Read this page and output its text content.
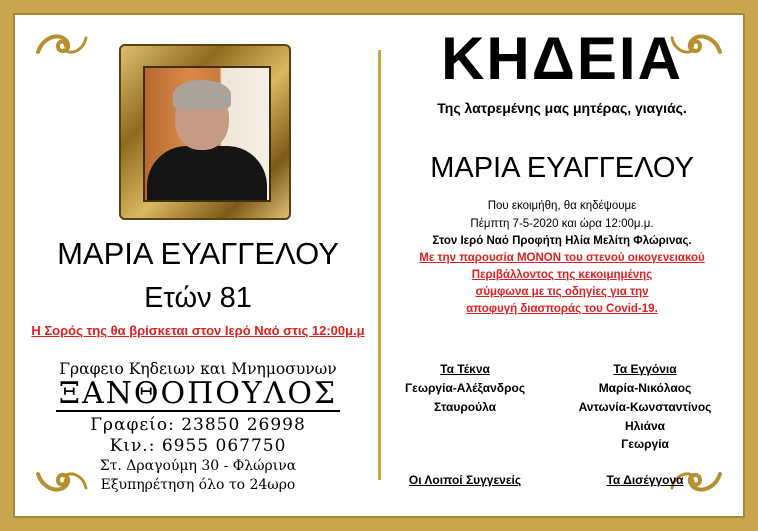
ΜΑΡΙΑ ΕΥΑΓΓΕΛΟΥ
Ετών 81
Η Σορός της θα βρίσκεται στον Ιερό Ναό στις 12:00μ.μ
Γραφειο Κηδειων και Μνημοσυνων
ΞΑΝΘΟΠΟΥΛΟΣ
Γραφείο: 23850 26998
Κιν.: 6955 067750
Στ. Δραγούμη 30 - Φλώρινα
Εξυπηρέτηση όλο το 24ωρο
ΚΗΔΕΙΑ
Της λατρεμένης μας μητέρας, γιαγιάς.
ΜΑΡΙΑ ΕΥΑΓΓΕΛΟΥ
Που εκοιμήθη, θα κηδέψουμε
Πέμπτη 7-5-2020 και ώρα 12:00μ.μ.
Στον Ιερό Ναό Προφήτη Ηλία Μελίτη Φλώρινας.
Με την παρουσία ΜΟΝΟΝ του στενού οικογενειακού
Περιβάλλοντος της κεκοιμημένης
σύμφωνα με τις οδηγίες για την
αποφυγή διασποράς του Covid-19.
Τα Τέκνα
Γεωργία-Αλέξανδρος
Σταυρούλα
Τα Εγγόνια
Μαρία-Νικόλαος
Αντωνία-Κωνσταντίνος
Ηλιάνα
Γεωργία
Οι Λοιποί Συγγενείς	Τα Δισέγγονα
